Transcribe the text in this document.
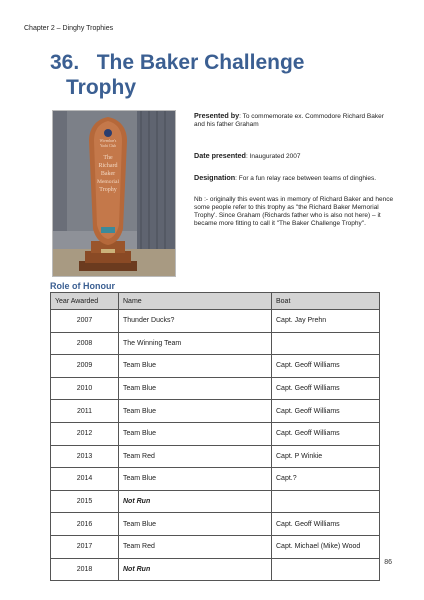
Chapter 2 – Dinghy Trophies
36. The Baker Challenge
Trophy
Wivenhoe's
Yacht Club
The
Richard
Baker
Memorial
Trophy

Presented by: To commemorate ex. Commodore Richard Baker and his father Graham

Date presented: Inaugurated 2007

Designation: For a fun relay race between teams of dinghies.

Nb :- originally this event was in memory of Richard Baker and hence some people refer to this trophy as "the Richard Baker Memorial Trophy'. Since Graham (Richards father who is also not here) – it became more fitting to call it "The Baker Challenge Trophy".

Role of Honour
Year Awarded	Name	Boat
2007	Thunder Ducks?	Capt. Jay Prehn
2008	The Winning Team	
2009	Team Blue	Capt. Geoff Williams
2010	Team Blue	Capt. Geoff Williams
2011	Team Blue	Capt. Geoff Williams
2012	Team Blue	Capt. Geoff Williams
2013	Team Red	Capt. P Winkie
2014	Team Blue	Capt.?
2015	Not Run	
2016	Team Blue	Capt. Geoff Williams
2017	Team Red	Capt. Michael (Mike) Wood
2018	Not Run	
86
